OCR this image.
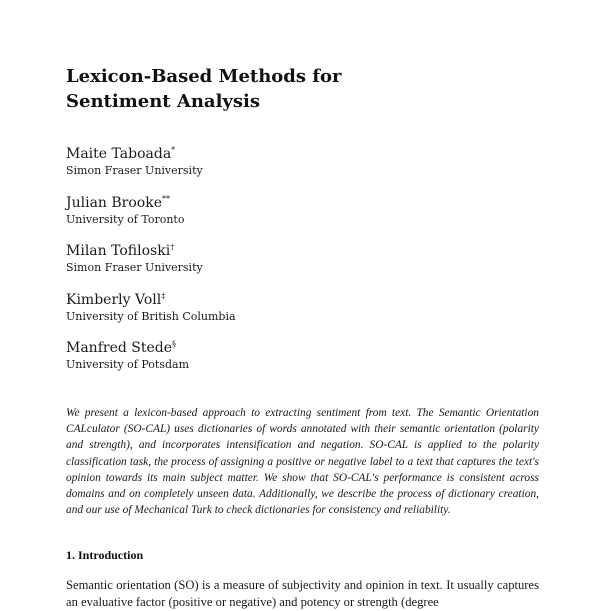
Lexicon-Based Methods for
Sentiment Analysis
Maite Taboada*
Simon Fraser University
Julian Brooke**
University of Toronto
Milan Tofiloski†
Simon Fraser University
Kimberly Voll‡
University of British Columbia
Manfred Stede§
University of Potsdam

We present a lexicon-based approach to extracting sentiment from text. The Semantic Orientation CALculator (SO-CAL) uses dictionaries of words annotated with their semantic orientation (polarity and strength), and incorporates intensification and negation. SO-CAL is applied to the polarity classification task, the process of assigning a positive or negative label to a text that captures the text's opinion towards its main subject matter. We show that SO-CAL's performance is consistent across domains and on completely unseen data. Additionally, we describe the process of dictionary creation, and our use of Mechanical Turk to check dictionaries for consistency and reliability.

1. Introduction

Semantic orientation (SO) is a measure of subjectivity and opinion in text. It usually captures an evaluative factor (positive or negative) and potency or strength (degree
